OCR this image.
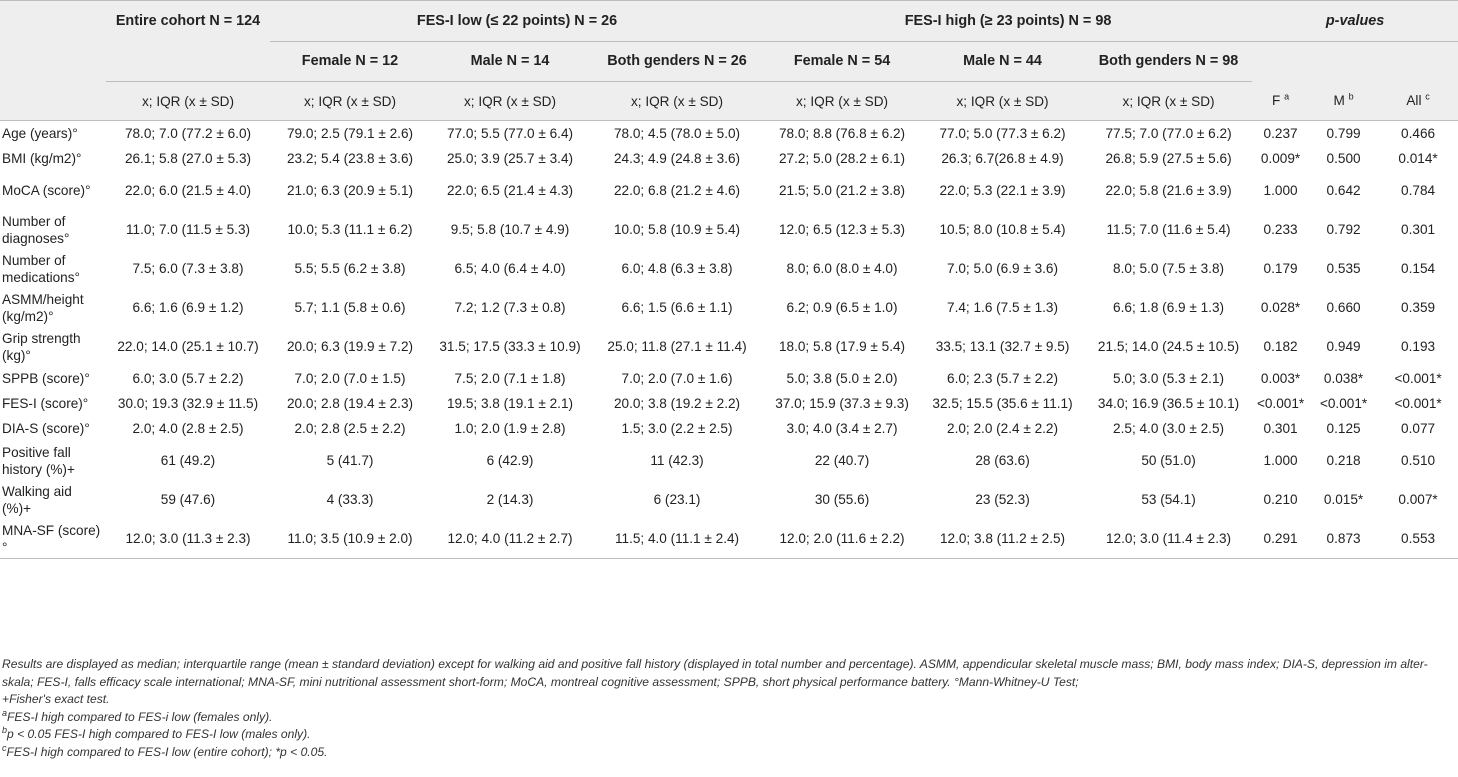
	Entire cohort N = 124	FES-I low (≤ 22 points) N = 26			FES-I high (≥ 23 points) N = 98			p-values		
		Female N = 12	Male N = 14	Both genders N = 26	Female N = 54	Male N = 44	Both genders N = 98			
	x; IQR (x ± SD)	x; IQR (x ± SD)	x; IQR (x ± SD)	x; IQR (x ± SD)	x; IQR (x ± SD)	x; IQR (x ± SD)	x; IQR (x ± SD)	F $^a$	M $^b$	All $^c$
Age (years)°	78.0; 7.0 (77.2 ± 6.0)	79.0; 2.5 (79.1 ± 2.6)	77.0; 5.5 (77.0 ± 6.4)	78.0; 4.5 (78.0 ± 5.0)	78.0; 8.8 (76.8 ± 6.2)	77.0; 5.0 (77.3 ± 6.2)	77.5; 7.0 (77.0 ± 6.2)	0.237	0.799	0.466
BMI (kg/m2)°	26.1; 5.8 (27.0 ± 5.3)	23.2; 5.4 (23.8 ± 3.6)	25.0; 3.9 (25.7 ± 3.4)	24.3; 4.9 (24.8 ± 3.6)	27.2; 5.0 (28.2 ± 6.1)	26.3; 6.7(26.8 ± 4.9)	26.8; 5.9 (27.5 ± 5.6)	0.009*	0.500	0.014*
MoCA (score)°	22.0; 6.0 (21.5 ± 4.0)	21.0; 6.3 (20.9 ± 5.1)	22.0; 6.5 (21.4 ± 4.3)	22.0; 6.8 (21.2 ± 4.6)	21.5; 5.0 (21.2 ± 3.8)	22.0; 5.3 (22.1 ± 3.9)	22.0; 5.8 (21.6 ± 3.9)	1.000	0.642	0.784
Number of diagnoses°	11.0; 7.0 (11.5 ± 5.3)	10.0; 5.3 (11.1 ± 6.2)	9.5; 5.8 (10.7 ± 4.9)	10.0; 5.8 (10.9 ± 5.4)	12.0; 6.5 (12.3 ± 5.3)	10.5; 8.0 (10.8 ± 5.4)	11.5; 7.0 (11.6 ± 5.4)	0.233	0.792	0.301
Number of medications°	7.5; 6.0 (7.3 ± 3.8)	5.5; 5.5 (6.2 ± 3.8)	6.5; 4.0 (6.4 ± 4.0)	6.0; 4.8 (6.3 ± 3.8)	8.0; 6.0 (8.0 ± 4.0)	7.0; 5.0 (6.9 ± 3.6)	8.0; 5.0 (7.5 ± 3.8)	0.179	0.535	0.154
ASMM/height (kg/m2)°	6.6; 1.6 (6.9 ± 1.2)	5.7; 1.1 (5.8 ± 0.6)	7.2; 1.2 (7.3 ± 0.8)	6.6; 1.5 (6.6 ± 1.1)	6.2; 0.9 (6.5 ± 1.0)	7.4; 1.6 (7.5 ± 1.3)	6.6; 1.8 (6.9 ± 1.3)	0.028*	0.660	0.359
Grip strength (kg)°	22.0; 14.0 (25.1 ± 10.7)	20.0; 6.3 (19.9 ± 7.2)	31.5; 17.5 (33.3 ± 10.9)	25.0; 11.8 (27.1 ± 11.4)	18.0; 5.8 (17.9 ± 5.4)	33.5; 13.1 (32.7 ± 9.5)	21.5; 14.0 (24.5 ± 10.5)	0.182	0.949	0.193
SPPB (score)°	6.0; 3.0 (5.7 ± 2.2)	7.0; 2.0 (7.0 ± 1.5)	7.5; 2.0 (7.1 ± 1.8)	7.0; 2.0 (7.0 ± 1.6)	5.0; 3.8 (5.0 ± 2.0)	6.0; 2.3 (5.7 ± 2.2)	5.0; 3.0 (5.3 ± 2.1)	0.003*	0.038*	<0.001*
FES-I (score)°	30.0; 19.3 (32.9 ± 11.5)	20.0; 2.8 (19.4 ± 2.3)	19.5; 3.8 (19.1 ± 2.1)	20.0; 3.8 (19.2 ± 2.2)	37.0; 15.9 (37.3 ± 9.3)	32.5; 15.5 (35.6 ± 11.1)	34.0; 16.9 (36.5 ± 10.1)	<0.001*	<0.001*	<0.001*
DIA-S (score)°	2.0; 4.0 (2.8 ± 2.5)	2.0; 2.8 (2.5 ± 2.2)	1.0; 2.0 (1.9 ± 2.8)	1.5; 3.0 (2.2 ± 2.5)	3.0; 4.0 (3.4 ± 2.7)	2.0; 2.0 (2.4 ± 2.2)	2.5; 4.0 (3.0 ± 2.5)	0.301	0.125	0.077
Positive fall history (%)+	61 (49.2)	5 (41.7)	6 (42.9)	11 (42.3)	22 (40.7)	28 (63.6)	50 (51.0)	1.000	0.218	0.510
Walking aid (%)+	59 (47.6)	4 (33.3)	2 (14.3)	6 (23.1)	30 (55.6)	23 (52.3)	53 (54.1)	0.210	0.015*	0.007*
MNA-SF (score)°	12.0; 3.0 (11.3 ± 2.3)	11.0; 3.5 (10.9 ± 2.0)	12.0; 4.0 (11.2 ± 2.7)	11.5; 4.0 (11.1 ± 2.4)	12.0; 2.0 (11.6 ± 2.2)	12.0; 3.8 (11.2 ± 2.5)	12.0; 3.0 (11.4 ± 2.3)	0.291	0.873	0.553

Results are displayed as median; interquartile range (mean ± standard deviation) except for walking aid and positive fall history (displayed in total number and percentage). ASMM, appendicular skeletal muscle mass; BMI, body mass index; DIA-S, depression im alter-skala; FES-I, falls efficacy scale international; MNA-SF, mini nutritional assessment short-form; MoCA, montreal cognitive assessment; SPPB, short physical performance battery. °Mann-Whitney-U Test;

+Fisher's exact test.

$^a$FES-I high compared to FES-i low (females only).

$^b$p < 0.05 FES-I high compared to FES-I low (males only).

$^c$FES-I high compared to FES-I low (entire cohort); *p < 0.05.
